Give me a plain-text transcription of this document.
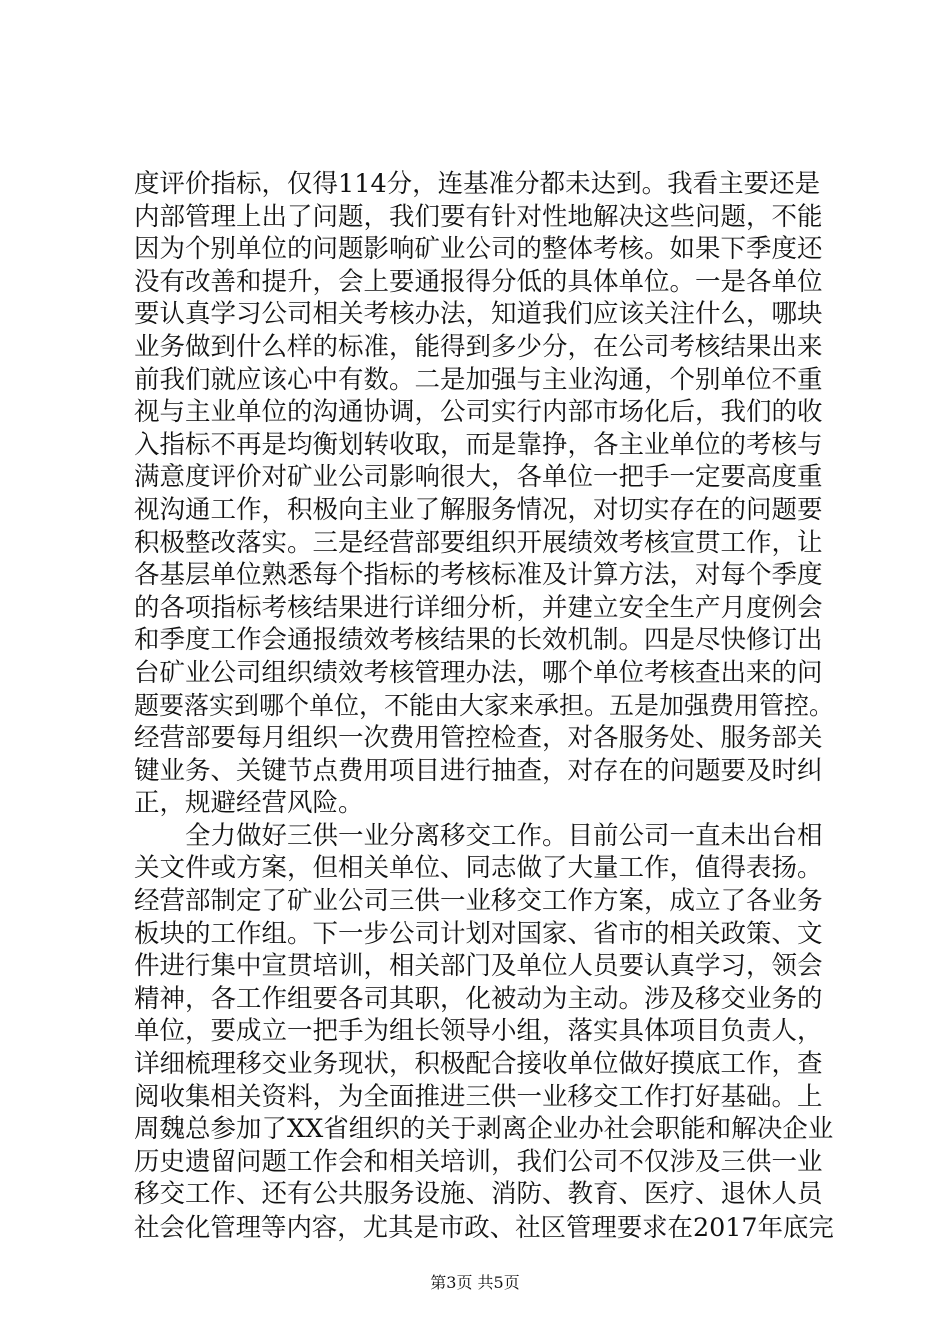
度评价指标，仅得114分，连基准分都未达到。我看主要还是
内部管理上出了问题，我们要有针对性地解决这些问题，不能
因为个别单位的问题影响矿业公司的整体考核。如果下季度还
没有改善和提升，会上要通报得分低的具体单位。一是各单位
要认真学习公司相关考核办法，知道我们应该关注什么，哪块
业务做到什么样的标准，能得到多少分，在公司考核结果出来
前我们就应该心中有数。二是加强与主业沟通，个别单位不重
视与主业单位的沟通协调，公司实行内部市场化后，我们的收
入指标不再是均衡划转收取，而是靠挣，各主业单位的考核与
满意度评价对矿业公司影响很大，各单位一把手一定要高度重
视沟通工作，积极向主业了解服务情况，对切实存在的问题要
积极整改落实。三是经营部要组织开展绩效考核宣贯工作，让
各基层单位熟悉每个指标的考核标准及计算方法，对每个季度
的各项指标考核结果进行详细分析，并建立安全生产月度例会
和季度工作会通报绩效考核结果的长效机制。四是尽快修订出
台矿业公司组织绩效考核管理办法，哪个单位考核查出来的问
题要落实到哪个单位，不能由大家来承担。五是加强费用管控。
经营部要每月组织一次费用管控检查，对各服务处、服务部关
键业务、关键节点费用项目进行抽查，对存在的问题要及时纠
正，规避经营风险。
　　全力做好三供一业分离移交工作。目前公司一直未出台相
关文件或方案，但相关单位、同志做了大量工作，值得表扬。
经营部制定了矿业公司三供一业移交工作方案，成立了各业务
板块的工作组。下一步公司计划对国家、省市的相关政策、文
件进行集中宣贯培训，相关部门及单位人员要认真学习，领会
精神，各工作组要各司其职，化被动为主动。涉及移交业务的
单位，要成立一把手为组长领导小组，落实具体项目负责人，
详细梳理移交业务现状，积极配合接收单位做好摸底工作，查
阅收集相关资料，为全面推进三供一业移交工作打好基础。上
周魏总参加了XX省组织的关于剥离企业办社会职能和解决企业
历史遗留问题工作会和相关培训，我们公司不仅涉及三供一业
移交工作、还有公共服务设施、消防、教育、医疗、退休人员
社会化管理等内容，尤其是市政、社区管理要求在2017年底完
第3页 共5页
